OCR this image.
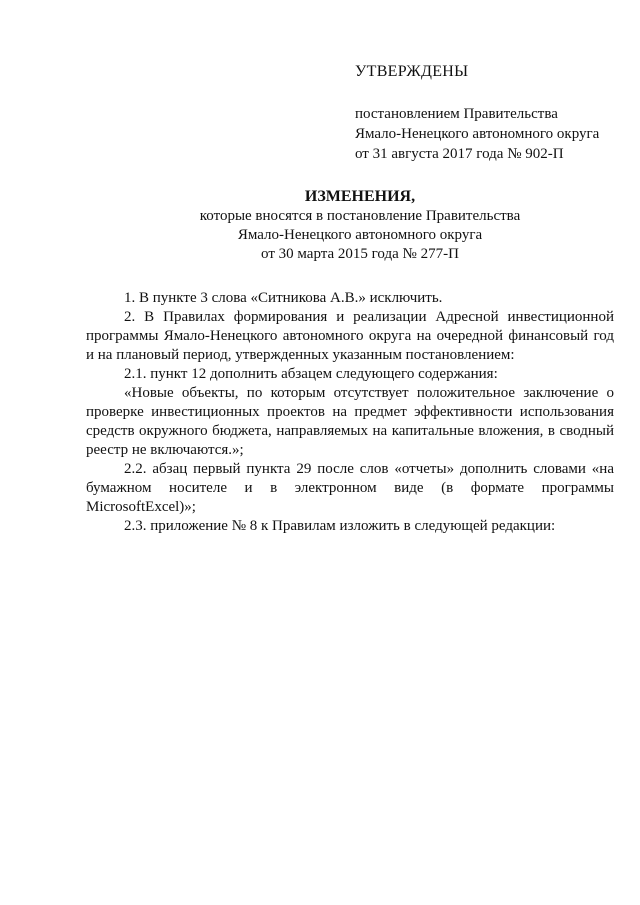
УТВЕРЖДЕНЫ

постановлением Правительства

Ямало-Ненецкого автономного округа

от 31 августа 2017 года № 902-П

ИЗМЕНЕНИЯ,

которые вносятся в постановление Правительства

Ямало-Ненецкого автономного округа

от 30 марта 2015 года № 277-П

1. В пункте 3 слова «Ситникова А.В.» исключить.

2. В Правилах формирования и реализации Адресной инвестиционной программы Ямало-Ненецкого автономного округа на очередной финансовый год и на плановый период, утвержденных указанным постановлением:

2.1. пункт 12 дополнить абзацем следующего содержания:

«Новые объекты, по которым отсутствует положительное заключение о проверке инвестиционных проектов на предмет эффективности использования средств окружного бюджета, направляемых на капитальные вложения, в сводный реестр не включаются.»;

2.2. абзац первый пункта 29 после слов «отчеты» дополнить словами «на бумажном носителе и в электронном виде (в формате программы MicrosoftExcel)»;

2.3. приложение № 8 к Правилам изложить в следующей редакции:
